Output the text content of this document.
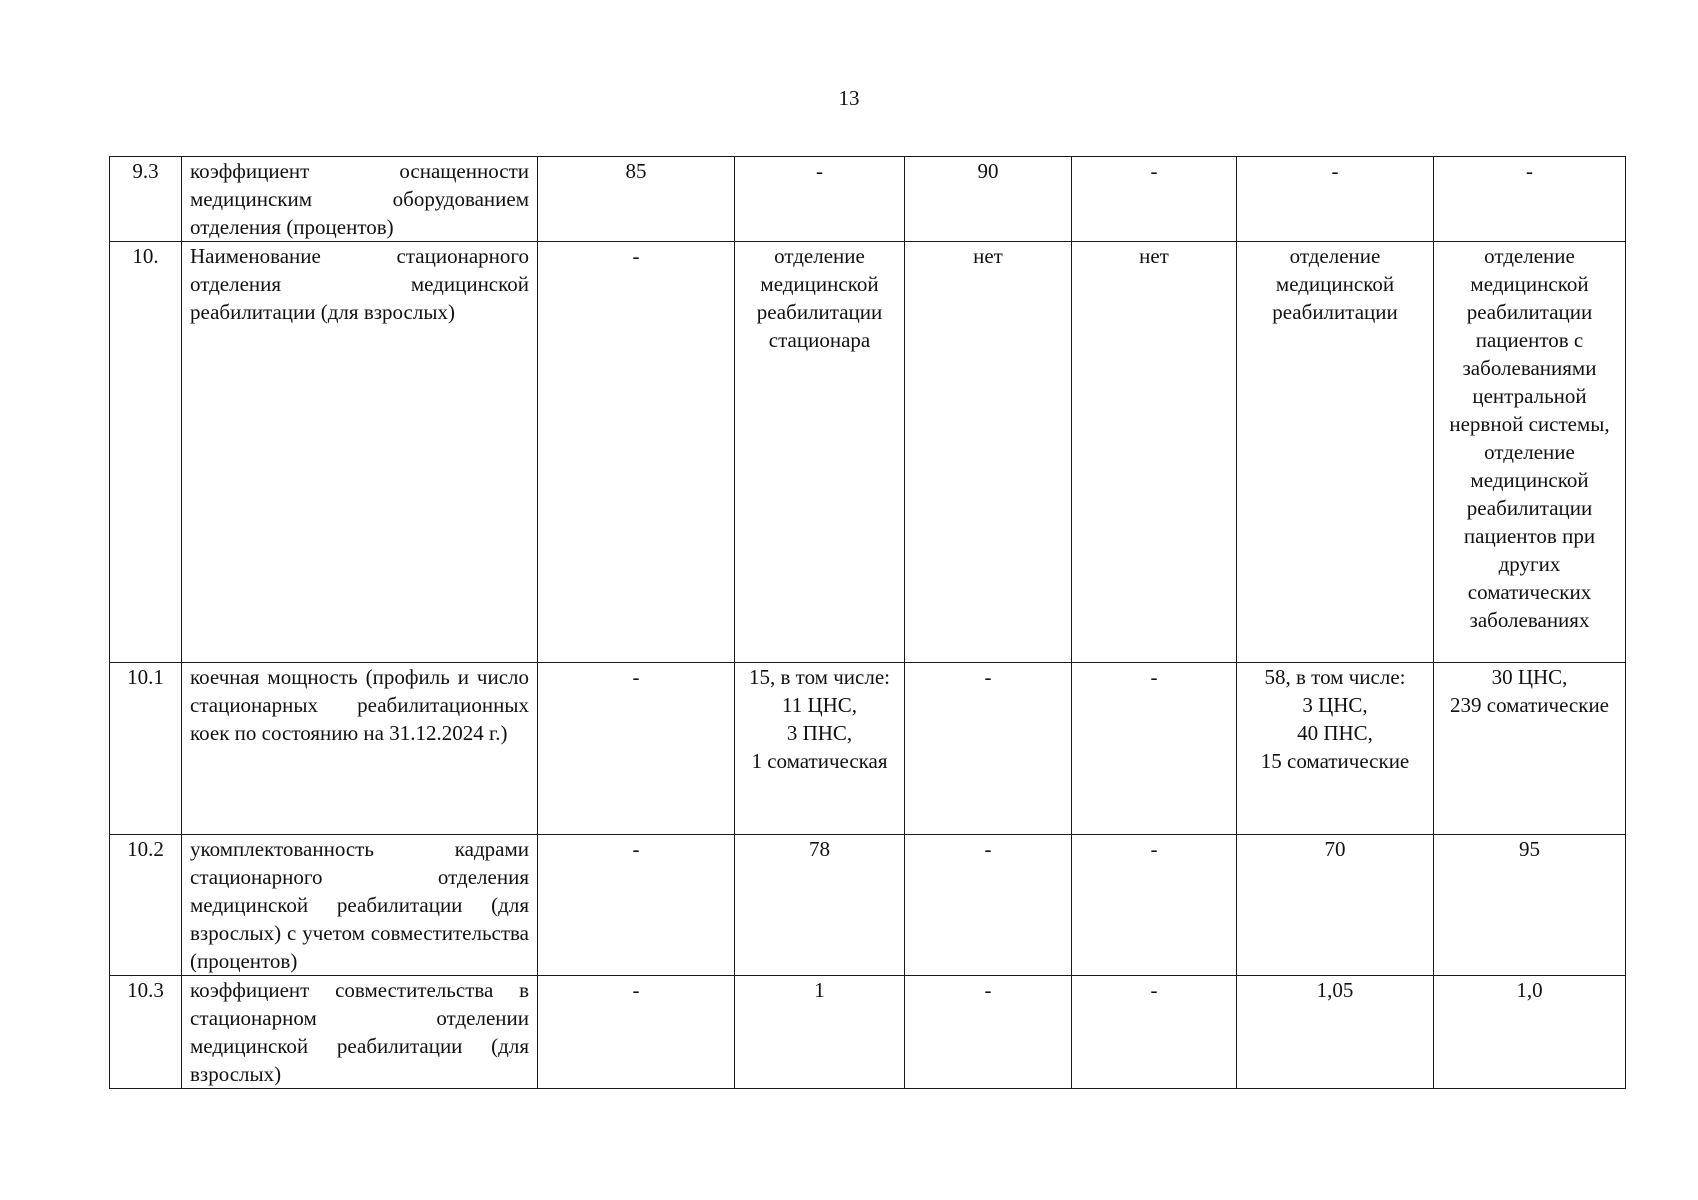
13
9.3	коэффициент оснащенности медицинским оборудованием отделения (процентов)	85	-	90	-	-	-

10.	Наименование стационарного отделения медицинской реабилитации (для взрослых)	-	отделение медицинской реабилитации стационара	нет	нет	отделение медицинской реабилитации	отделение медицинской реабилитации пациентов с заболеваниями центральной нервной системы, отделение медицинской реабилитации пациентов при других соматических заболеваниях

10.1	коечная мощность (профиль и число стационарных реабилитационных коек по состоянию на 31.12.2024 г.)	-	15, в том числе:
11 ЦНС,
3 ПНС,
1 соматическая	-	-	58, в том числе:
3 ЦНС,
40 ПНС,
15 соматические	30 ЦНС,
239 соматические

10.2	укомплектованность кадрами стационарного отделения медицинской реабилитации (для взрослых) с учетом совместительства (процентов)	-	78	-	-	70	95

10.3	коэффициент совместительства в стационарном отделении медицинской реабилитации (для взрослых)	-	1	-	-	1,05	1,0
